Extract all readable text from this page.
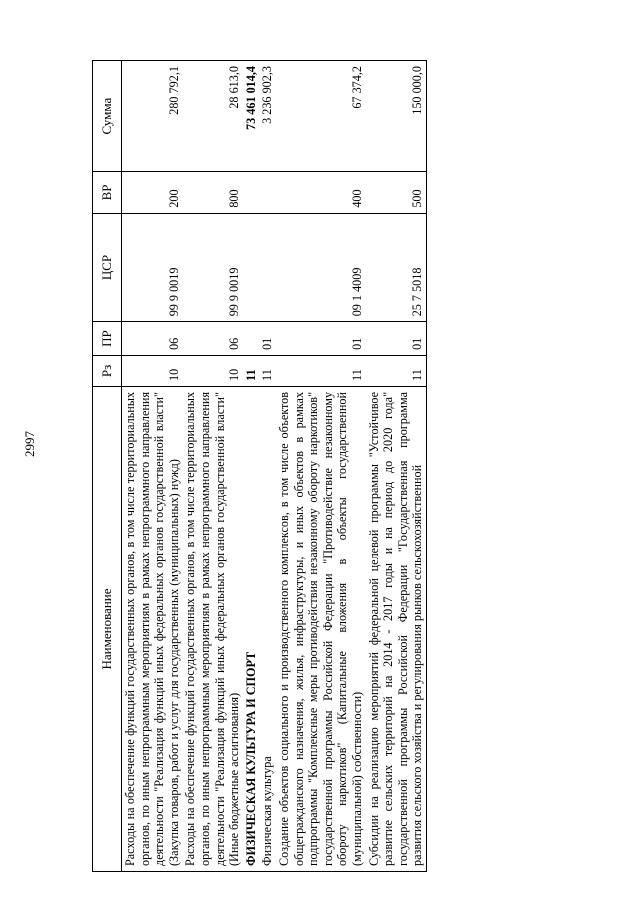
2997
Наименование	Рз	ПР	ЦСР	ВР	Сумма
Расходы на обеспечение функций государственных органов, в том числе территориальных органов, по иным непрограммным мероприятиям в рамках непрограммного направления деятельности "Реализация функций иных федеральных органов государственной власти" (Закупка товаров, работ и услуг для государственных (муниципальных) нужд)	10	06	99 9 0019	200	280 792,1
Расходы на обеспечение функций государственных органов, в том числе территориальных органов, по иным непрограммным мероприятиям в рамках непрограммного направления деятельности "Реализация функций иных федеральных органов государственной власти" (Иные бюджетные ассигнования)	10	06	99 9 0019	800	28 613,0
ФИЗИЧЕСКАЯ КУЛЬТУРА И СПОРТ	11				73 461 014,4
Физическая культура	11	01			3 236 902,3
Создание объектов социального и производственного комплексов, в том числе объектов общегражданского назначения, жилья, инфраструктуры, и иных объектов в рамках подпрограммы "Комплексные меры противодействия незаконному обороту наркотиков" государственной программы Российской Федерации "Противодействие незаконному обороту наркотиков" (Капитальные вложения в объекты государственной (муниципальной) собственности)	11	01	09 1 4009	400	67 374,2
Субсидии на реализацию мероприятий федеральной целевой программы "Устойчивое развитие сельских территорий на 2014 - 2017 годы и на период до 2020 года" государственной программы Российской Федерации "Государственная программа развития сельского хозяйства и регулирования рынков сельскохозяйственной	11	01	25 7 5018	500	150 000,0
